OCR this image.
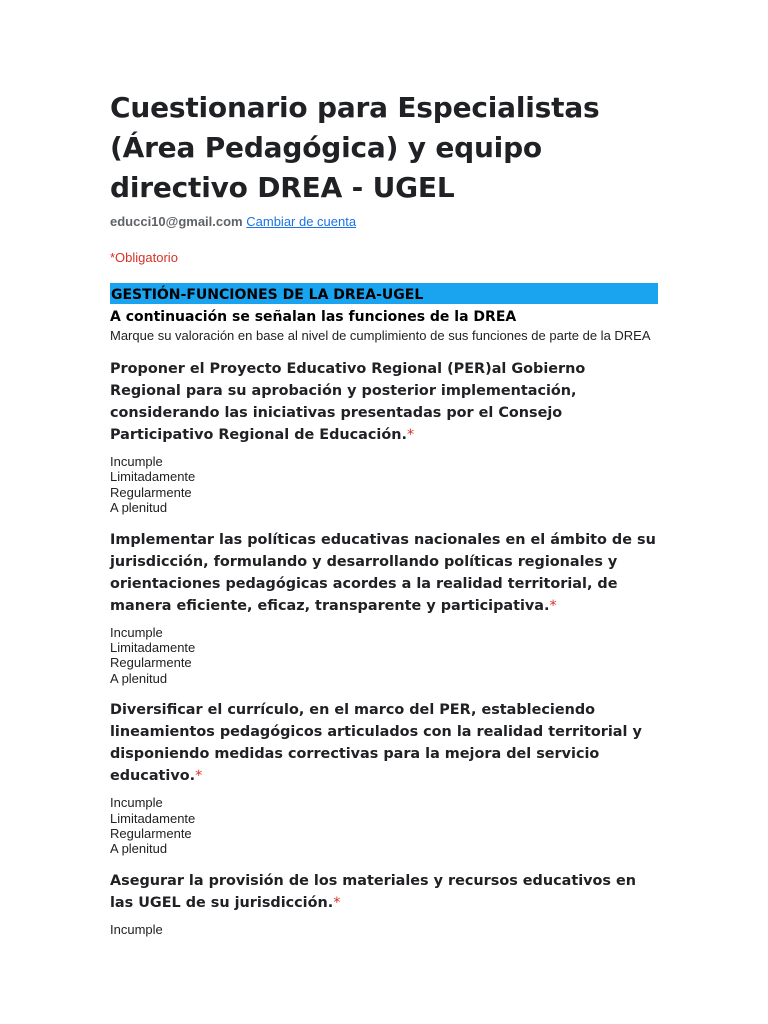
Cuestionario para Especialistas (Área Pedagógica) y equipo directivo DREA - UGEL
educci10@gmail.com Cambiar de cuenta
*Obligatorio
GESTIÓN-FUNCIONES DE LA DREA-UGEL
A continuación se señalan las funciones de la DREA
Marque su valoración en base al nivel de cumplimiento de sus funciones de parte de la DREA

Proponer el Proyecto Educativo Regional (PER)al Gobierno Regional para su aprobación y posterior implementación, considerando las iniciativas presentadas por el Consejo Participativo Regional de Educación.*

Incumple
Limitadamente
Regularmente
A plenitud

Implementar las políticas educativas nacionales en el ámbito de su jurisdicción, formulando y desarrollando políticas regionales y orientaciones pedagógicas acordes a la realidad territorial, de manera eficiente, eficaz, transparente y participativa.*

Incumple
Limitadamente
Regularmente
A plenitud

Diversificar el currículo, en el marco del PER, estableciendo lineamientos pedagógicos articulados con la realidad territorial y disponiendo medidas correctivas para la mejora del servicio educativo.*

Incumple
Limitadamente
Regularmente
A plenitud

Asegurar la provisión de los materiales y recursos educativos en las UGEL de su jurisdicción.*

Incumple
